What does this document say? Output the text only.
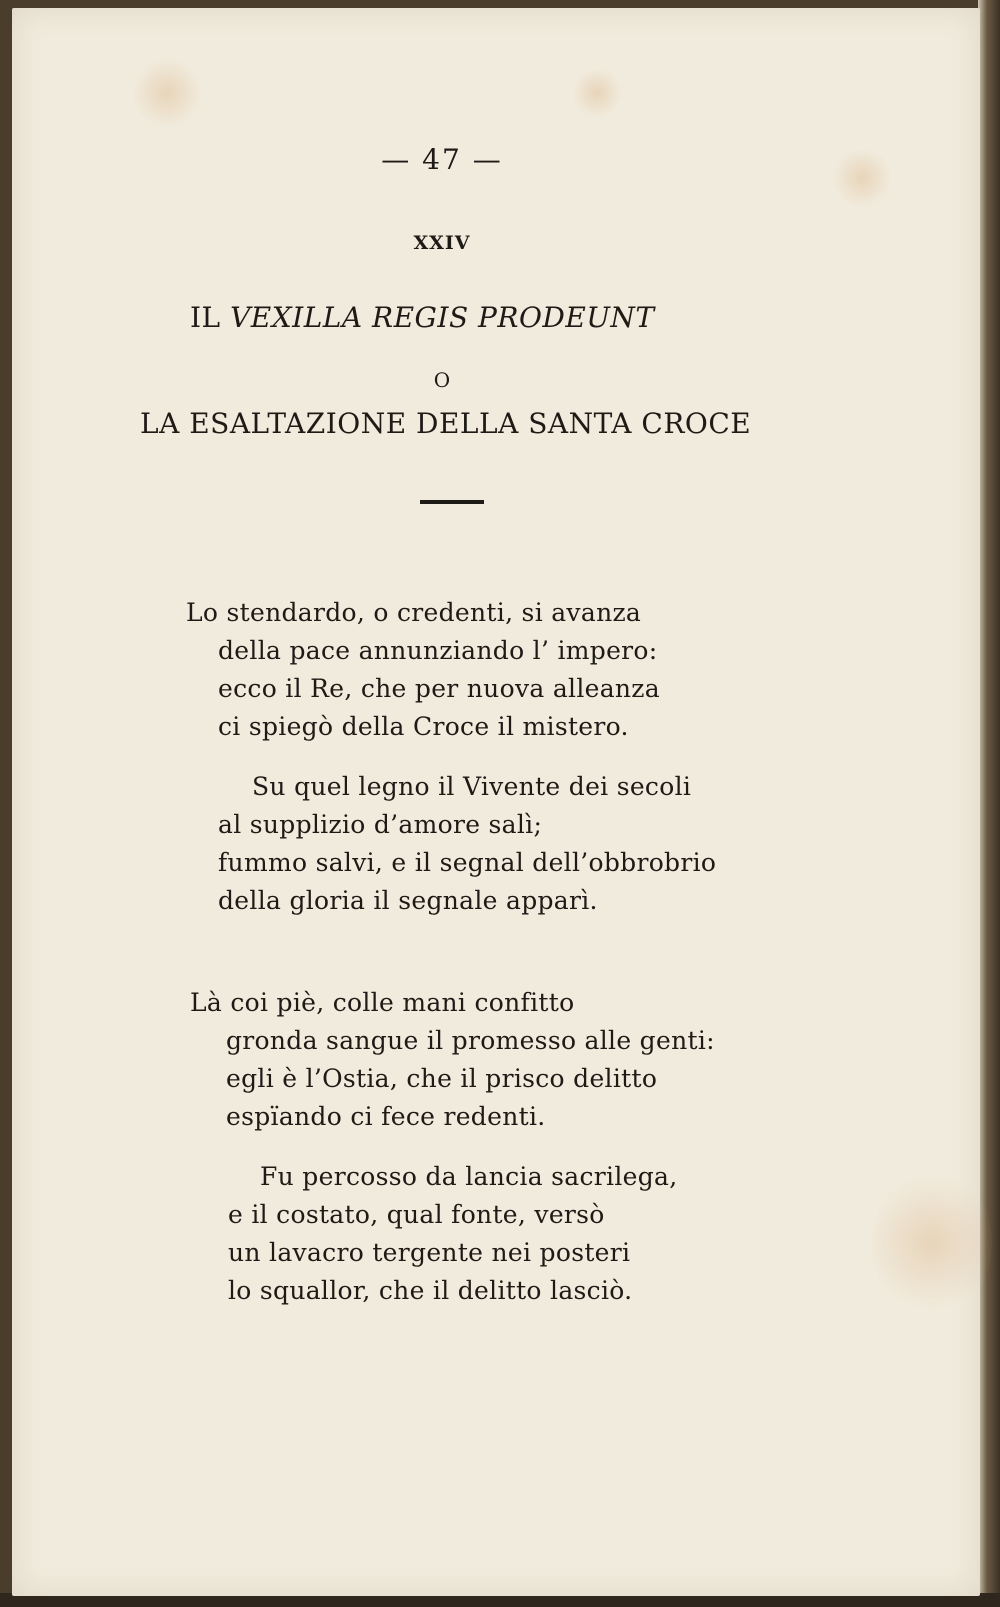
— 47 —
XXIV
IL VEXILLA REGIS PRODEUNT
O
LA ESALTAZIONE DELLA SANTA CROCE
Lo stendardo, o credenti, si avanza
della pace annunziando l’ impero:
ecco il Re, che per nuova alleanza
ci spiegò della Croce il mistero.
Su quel legno il Vivente dei secoli
al supplizio d’amore salì;
fummo salvi, e il segnal dell’obbrobrio
della gloria il segnale apparì.
Là coi piè, colle mani confitto
gronda sangue il promesso alle genti:
egli è l’Ostia, che il prisco delitto
espïando ci fece redenti.
Fu percosso da lancia sacrilega,
e il costato, qual fonte, versò
un lavacro tergente nei posteri
lo squallor, che il delitto lasciò.
